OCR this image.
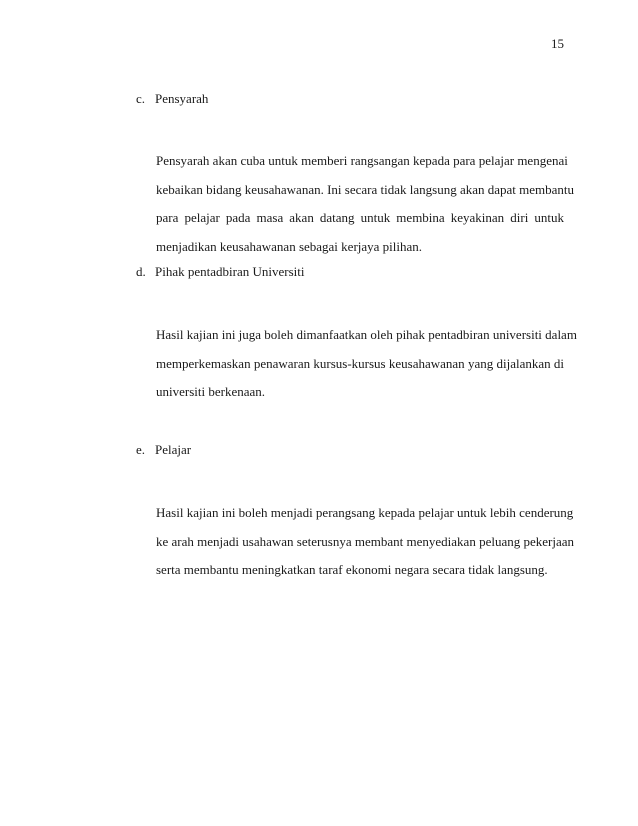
15
c. Pensyarah
Pensyarah akan cuba untuk memberi rangsangan kepada para pelajar mengenai
kebaikan bidang keusahawanan. Ini secara tidak langsung akan dapat membantu
para pelajar pada masa akan datang untuk membina keyakinan diri untuk
menjadikan keusahawanan sebagai kerjaya pilihan.
d. Pihak pentadbiran Universiti
Hasil kajian ini juga boleh dimanfaatkan oleh pihak pentadbiran universiti dalam
memperkemaskan penawaran kursus-kursus keusahawanan yang dijalankan di
universiti berkenaan.
e. Pelajar
Hasil kajian ini boleh menjadi perangsang kepada pelajar untuk lebih cenderung
ke arah menjadi usahawan seterusnya membant menyediakan peluang pekerjaan
serta membantu meningkatkan taraf ekonomi negara secara tidak langsung.
